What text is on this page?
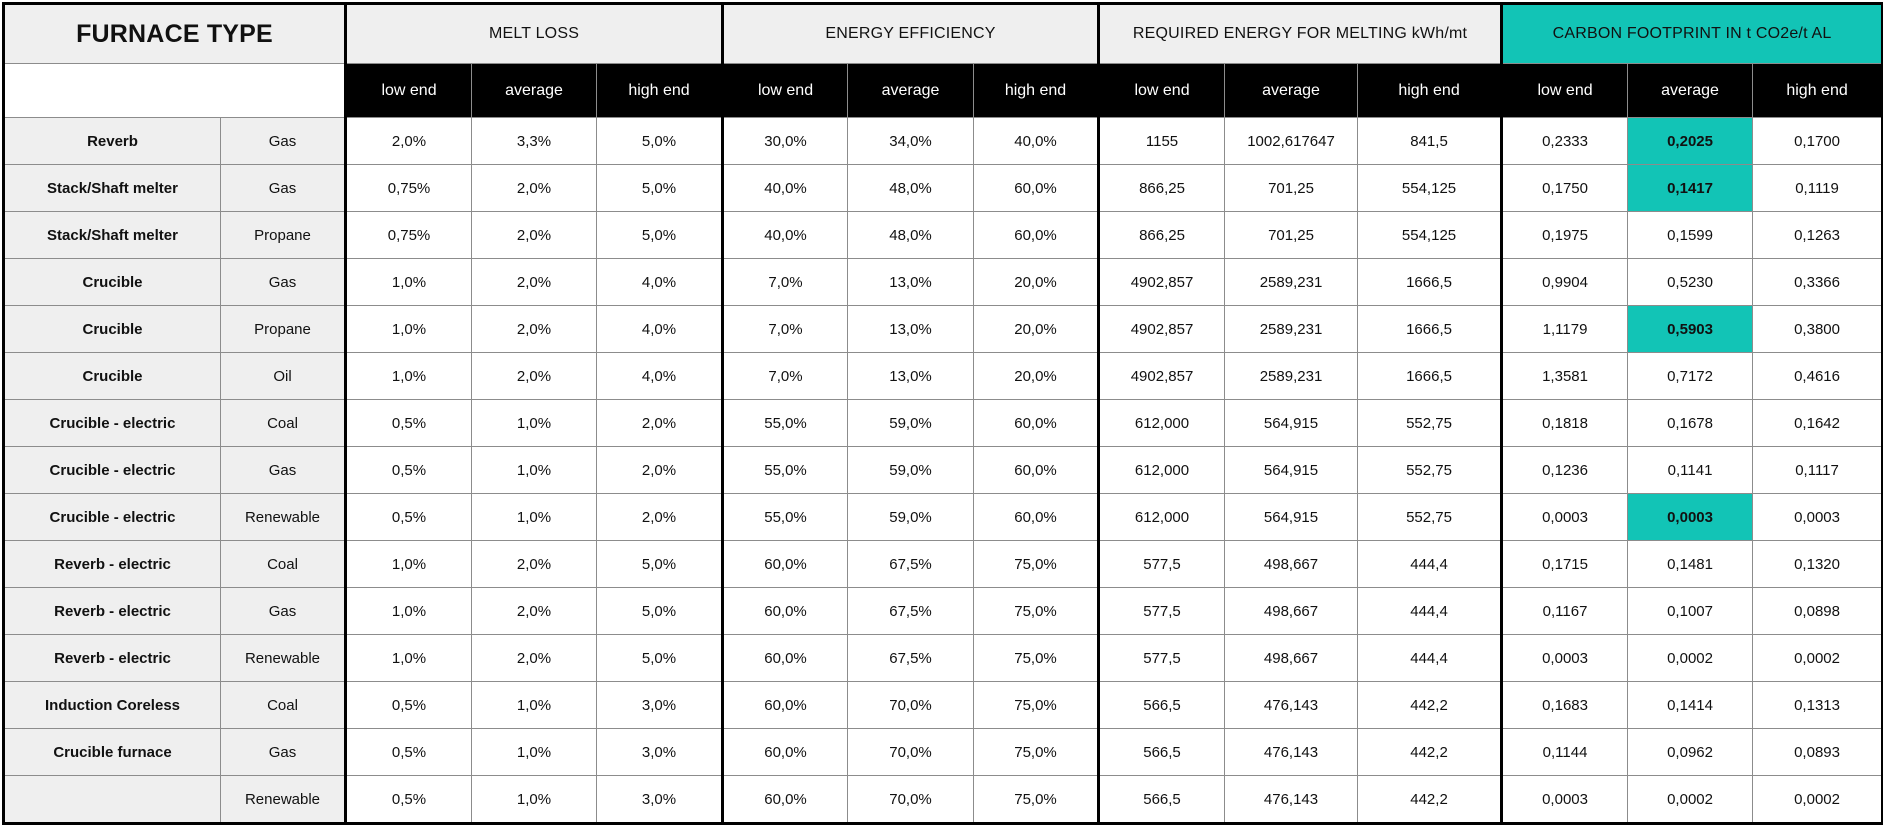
FURNACE TYPE		MELT LOSS			ENERGY EFFICIENCY			REQUIRED ENERGY FOR MELTING kWh/mt			CARBON FOOTPRINT IN t CO2e/t AL		
		low end	average	high end	low end	average	high end	low end	average	high end	low end	average	high end
Reverb	Gas	2,0%	3,3%	5,0%	30,0%	34,0%	40,0%	1155	1002,617647	841,5	0,2333	0,2025	0,1700
Stack/Shaft melter	Gas	0,75%	2,0%	5,0%	40,0%	48,0%	60,0%	866,25	701,25	554,125	0,1750	0,1417	0,1119
Stack/Shaft melter	Propane	0,75%	2,0%	5,0%	40,0%	48,0%	60,0%	866,25	701,25	554,125	0,1975	0,1599	0,1263
Crucible	Gas	1,0%	2,0%	4,0%	7,0%	13,0%	20,0%	4902,857	2589,231	1666,5	0,9904	0,5230	0,3366
Crucible	Propane	1,0%	2,0%	4,0%	7,0%	13,0%	20,0%	4902,857	2589,231	1666,5	1,1179	0,5903	0,3800
Crucible	Oil	1,0%	2,0%	4,0%	7,0%	13,0%	20,0%	4902,857	2589,231	1666,5	1,3581	0,7172	0,4616
Crucible - electric	Coal	0,5%	1,0%	2,0%	55,0%	59,0%	60,0%	612,000	564,915	552,75	0,1818	0,1678	0,1642
Crucible - electric	Gas	0,5%	1,0%	2,0%	55,0%	59,0%	60,0%	612,000	564,915	552,75	0,1236	0,1141	0,1117
Crucible - electric	Renewable	0,5%	1,0%	2,0%	55,0%	59,0%	60,0%	612,000	564,915	552,75	0,0003	0,0003	0,0003
Reverb - electric	Coal	1,0%	2,0%	5,0%	60,0%	67,5%	75,0%	577,5	498,667	444,4	0,1715	0,1481	0,1320
Reverb - electric	Gas	1,0%	2,0%	5,0%	60,0%	67,5%	75,0%	577,5	498,667	444,4	0,1167	0,1007	0,0898
Reverb - electric	Renewable	1,0%	2,0%	5,0%	60,0%	67,5%	75,0%	577,5	498,667	444,4	0,0003	0,0002	0,0002
Induction Coreless	Coal	0,5%	1,0%	3,0%	60,0%	70,0%	75,0%	566,5	476,143	442,2	0,1683	0,1414	0,1313
Crucible furnace	Gas	0,5%	1,0%	3,0%	60,0%	70,0%	75,0%	566,5	476,143	442,2	0,1144	0,0962	0,0893
	Renewable	0,5%	1,0%	3,0%	60,0%	70,0%	75,0%	566,5	476,143	442,2	0,0003	0,0002	0,0002
